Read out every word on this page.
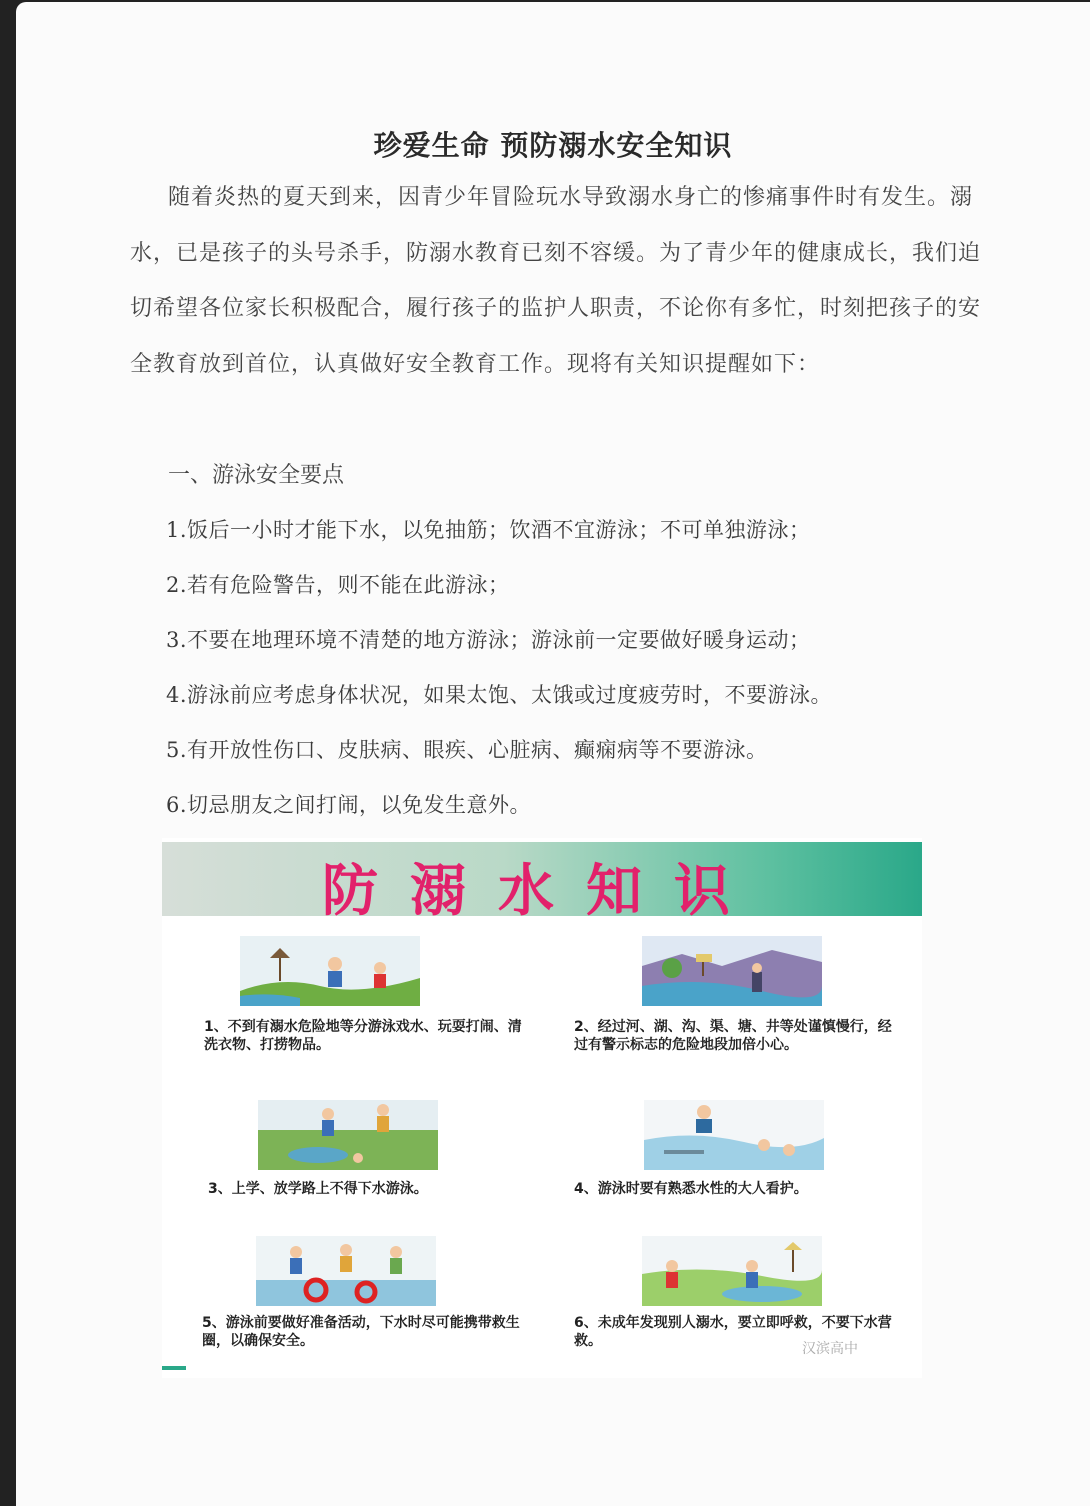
珍爱生命 预防溺水安全知识

随着炎热的夏天到来，因青少年冒险玩水导致溺水身亡的惨痛事件时有发生。溺水，已是孩子的头号杀手，防溺水教育已刻不容缓。为了青少年的健康成长，我们迫切希望各位家长积极配合，履行孩子的监护人职责，不论你有多忙，时刻把孩子的安全教育放到首位，认真做好安全教育工作。现将有关知识提醒如下：

一、游泳安全要点
1.饭后一小时才能下水，以免抽筋；饮酒不宜游泳；不可单独游泳；
2.若有危险警告，则不能在此游泳；
3.不要在地理环境不清楚的地方游泳；游泳前一定要做好暖身运动；
4.游泳前应考虑身体状况，如果太饱、太饿或过度疲劳时，不要游泳。
5.有开放性伤口、皮肤病、眼疾、心脏病、癫痫病等不要游泳。
6.切忌朋友之间打闹，以免发生意外。
防溺水知识
1、不到有溺水危险地等分游泳戏水、玩耍打闹、清洗衣物、打捞物品。
2、经过河、湖、沟、渠、塘、井等处谨慎慢行，经过有警示标志的危险地段加倍小心。
3、上学、放学路上不得下水游泳。	4、游泳时要有熟悉水性的大人看护。
5、游泳前要做好准备活动，下水时尽可能携带救生圈，以确保安全。
6、未成年发现别人溺水，要立即呼救，不要下水营救。	汉滨高中
